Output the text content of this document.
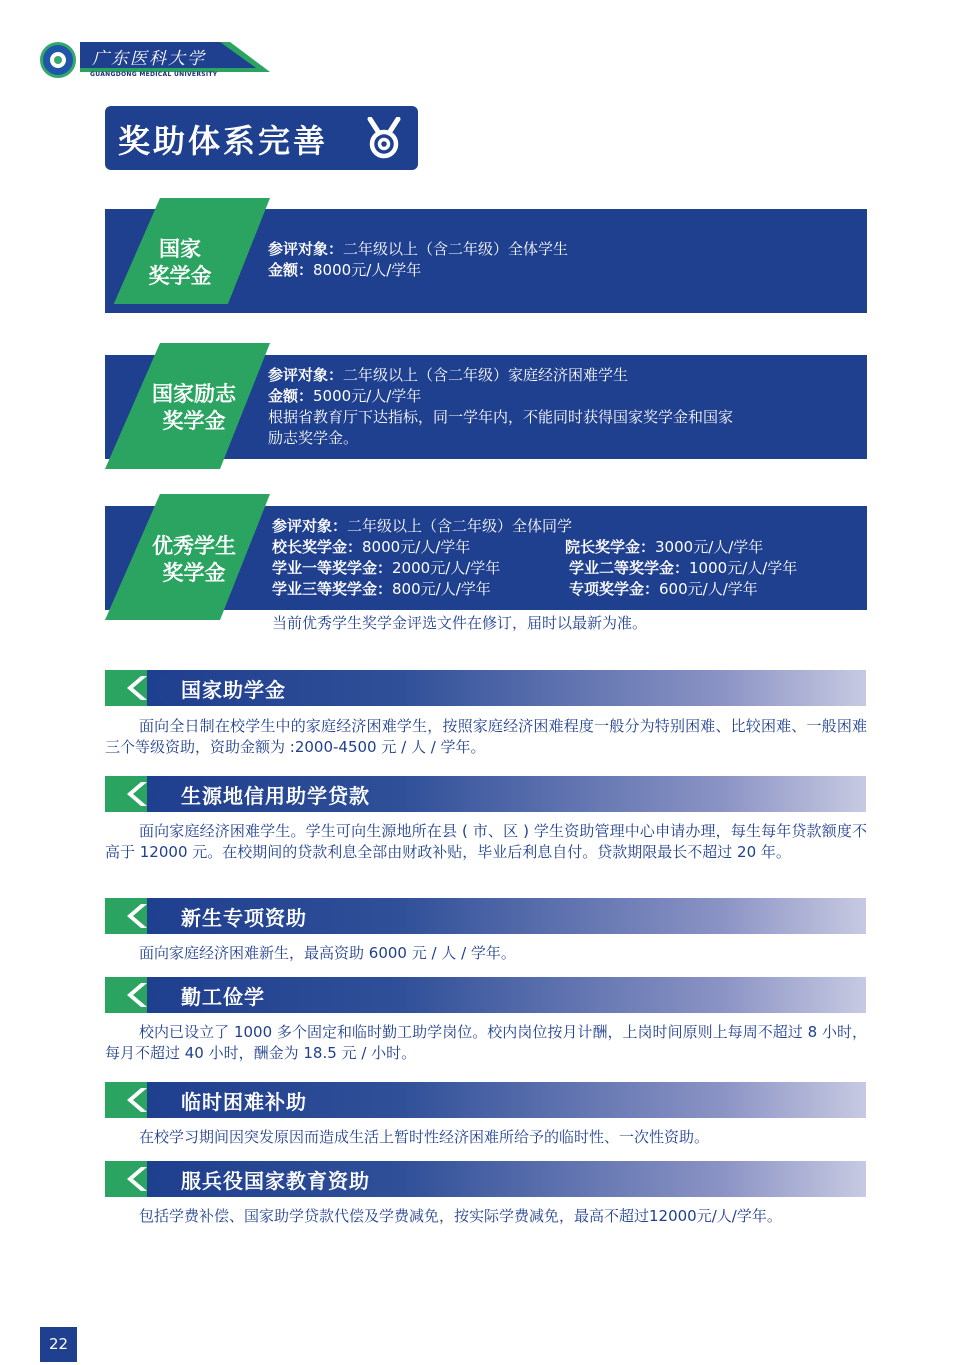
广东医科大学
GUANGDONG MEDICAL UNIVERSITY
奖助体系完善
国家
奖学金
参评对象：二年级以上（含二年级）全体学生
金额：8000元/人/学年
国家励志
奖学金
参评对象：二年级以上（含二年级）家庭经济困难学生
金额：5000元/人/学年
根据省教育厅下达指标，同一学年内，不能同时获得国家奖学金和国家
励志奖学金。
优秀学生
奖学金
参评对象：二年级以上（含二年级）全体同学
校长奖学金：8000元/人/学年	院长奖学金：3000元/人/学年
学业一等奖学金：2000元/人/学年	学业二等奖学金：1000元/人/学年
学业三等奖学金：800元/人/学年	专项奖学金：600元/人/学年
当前优秀学生奖学金评选文件在修订，届时以最新为准。
国家助学金
面向全日制在校学生中的家庭经济困难学生，按照家庭经济困难程度一般分为特别困难、比较困难、一般困难三个等级资助，资助金额为 :2000-4500 元 / 人 / 学年。
生源地信用助学贷款
面向家庭经济困难学生。学生可向生源地所在县 ( 市、区 ) 学生资助管理中心申请办理，每生每年贷款额度不高于 12000 元。在校期间的贷款利息全部由财政补贴，毕业后利息自付。贷款期限最长不超过 20 年。
新生专项资助
面向家庭经济困难新生，最高资助 6000 元 / 人 / 学年。
勤工俭学
校内已设立了 1000 多个固定和临时勤工助学岗位。校内岗位按月计酬，上岗时间原则上每周不超过 8 小时，每月不超过 40 小时，酬金为 18.5 元 / 小时。
临时困难补助
在校学习期间因突发原因而造成生活上暂时性经济困难所给予的临时性、一次性资助。
服兵役国家教育资助
包括学费补偿、国家助学贷款代偿及学费减免，按实际学费减免，最高不超过12000元/人/学年。
22
